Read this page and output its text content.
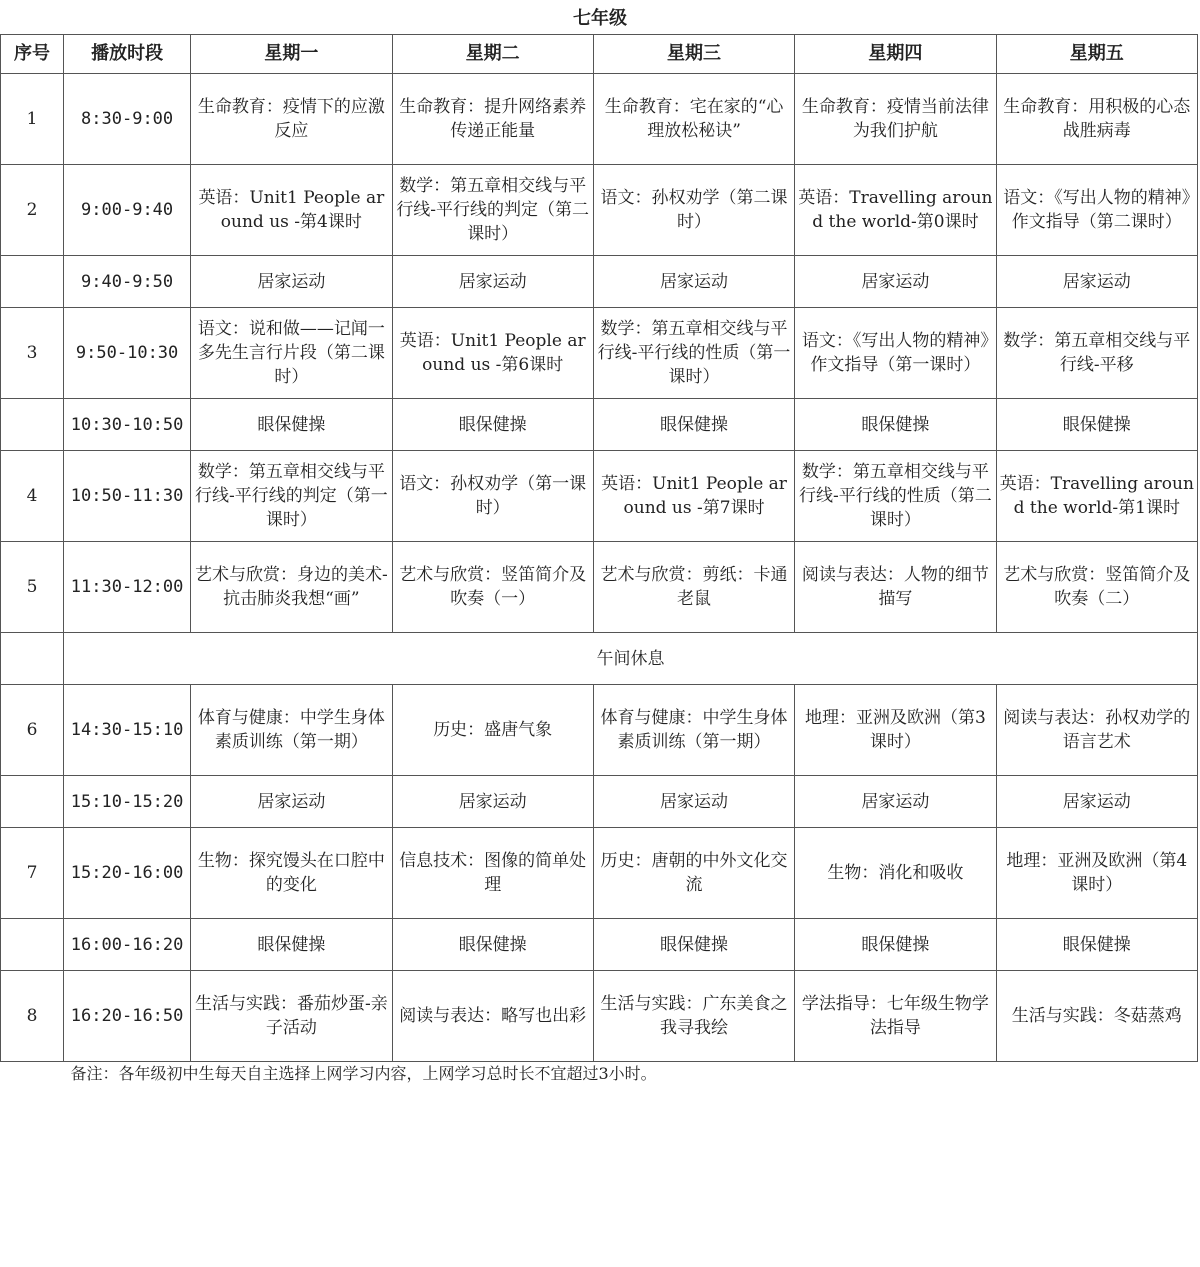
七年级
序号	播放时段	星期一	星期二	星期三	星期四	星期五
1	8:30-9:00	生命教育：疫情下的应激反应	生命教育：提升网络素养 传递正能量	生命教育：宅在家的“心理放松秘诀”	生命教育：疫情当前法律为我们护航	生命教育：用积极的心态战胜病毒
2	9:00-9:40	英语：Unit1 People around us -第4课时	数学：第五章相交线与平行线-平行线的判定（第二课时）	语文：孙权劝学（第二课时）	英语：Travelling around the world-第0课时	语文：《写出人物的精神》作文指导（第二课时）
	9:40-9:50	居家运动	居家运动	居家运动	居家运动	居家运动
3	9:50-10:30	语文：说和做——记闻一多先生言行片段（第二课时）	英语：Unit1 People around us -第6课时	数学：第五章相交线与平行线-平行线的性质（第一课时）	语文：《写出人物的精神》作文指导（第一课时）	数学：第五章相交线与平行线-平移
	10:30-10:50	眼保健操	眼保健操	眼保健操	眼保健操	眼保健操
4	10:50-11:30	数学：第五章相交线与平行线-平行线的判定（第一课时）	语文：孙权劝学（第一课时）	英语：Unit1 People around us -第7课时	数学：第五章相交线与平行线-平行线的性质（第二课时）	英语：Travelling around the world-第1课时
5	11:30-12:00	艺术与欣赏：身边的美术-抗击肺炎我想“画”	艺术与欣赏：竖笛简介及吹奏（一）	艺术与欣赏：剪纸：卡通老鼠	阅读与表达：人物的细节描写	艺术与欣赏：竖笛简介及吹奏（二）
	午间休息					
6	14:30-15:10	体育与健康：中学生身体素质训练（第一期）	历史：盛唐气象	体育与健康：中学生身体素质训练（第一期）	地理：亚洲及欧洲（第3课时）	阅读与表达：孙权劝学的语言艺术
	15:10-15:20	居家运动	居家运动	居家运动	居家运动	居家运动
7	15:20-16:00	生物：探究馒头在口腔中的变化	信息技术：图像的简单处理	历史：唐朝的中外文化交流	生物：消化和吸收	地理：亚洲及欧洲（第4课时）
	16:00-16:20	眼保健操	眼保健操	眼保健操	眼保健操	眼保健操
8	16:20-16:50	生活与实践：番茄炒蛋-亲子活动	阅读与表达：略写也出彩	生活与实践：广东美食之我寻我绘	学法指导：七年级生物学法指导	生活与实践：冬菇蒸鸡
备注：各年级初中生每天自主选择上网学习内容，上网学习总时长不宜超过3小时。						
